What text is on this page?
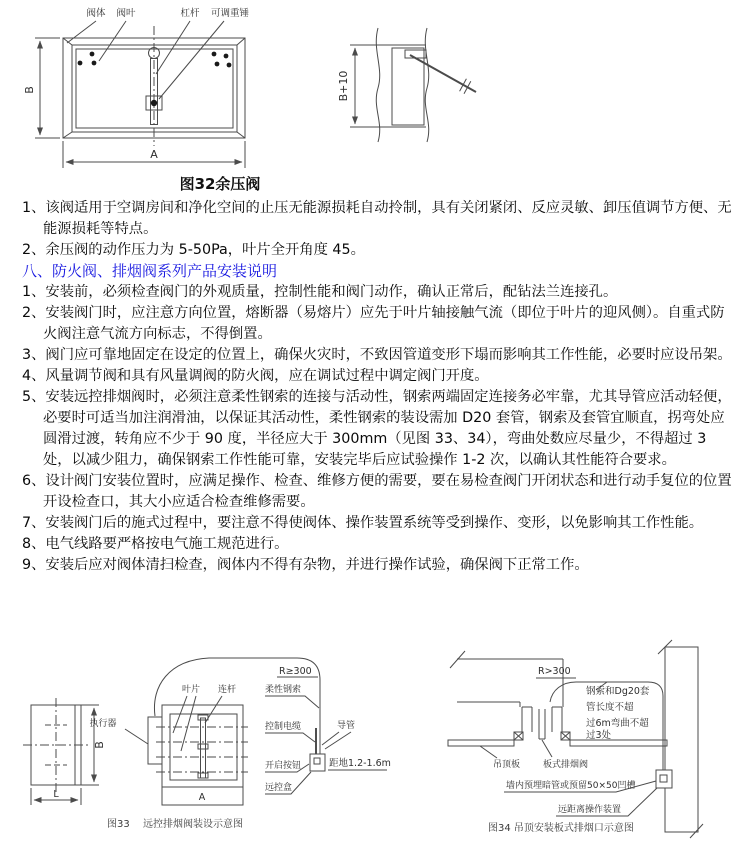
阀体 阀叶	杠杆 可调重锤
B
A
B+10
图32余压阀
1、该阀适用于空调房间和净化空间的止压无能源损耗自动拎制，具有关闭紧闭、反应灵敏、卸压值调节方便、无能源损耗等特点。
2、余压阀的动作压力为 5-50Pa，叶片全开角度 45。
八、防火阀、排烟阀系列产品安装说明
1、安装前，必须检查阀门的外观质量，控制性能和阀门动作，确认正常后，配钻法兰连接孔。
2、安装阀门时，应注意方向位置，熔断器（易熔片）应先于叶片轴接触气流（即位于叶片的迎风侧）。自重式防火阀注意气流方向标志，不得倒置。
3、阀门应可靠地固定在设定的位置上，确保火灾时，不致因管道变形下塌而影响其工作性能，必要时应设吊架。
4、风量调节阀和具有风量调阀的防火阀，应在调试过程中调定阀门开度。
5、安装远控排烟阀时，必须注意柔性钢索的连接与活动性，钢索两端固定连接务必牢靠，尤其导管应活动轻便，必要时可适当加注润滑油，以保证其活动性，柔性钢索的装设需加 D20 套管，钢索及套管宜顺直，拐弯处应圆滑过渡，转角应不少于 90 度，半径应大于 300mm（见图 33、34），弯曲处数应尽量少，不得超过 3 处，以减少阻力，确保钢索工作性能可靠，安装完毕后应试验操作 1-2 次，以确认其性能符合要求。
6、设计阀门安装位置时，应满足操作、检查、维修方便的需要，要在易检查阀门开闭状态和进行动手复位的位置开设检查口，其大小应适合检查维修需要。
7、安装阀门后的施式过程中，要注意不得使阀体、操作装置系统等受到操作、变形，以免影响其工作性能。
8、电气线路要严格按电气施工规范进行。
9、安装后应对阀体清扫检查，阀体内不得有杂物，并进行操作试验，确保阀下正常工作。
执行器
叶片 连杆
R≥300
柔性钢索
控制电缆	导管
开启按钮	距地1.2-1.6m
远控盒
B
L	A
图33 远控排烟阀装设示意图
R>300
钢索和Dg20套
管长度不超
过6m弯曲不超
过3处
吊顶板	板式排烟阀
墙内预埋暗管或预留50×50凹槽
远距离操作装置
图34 吊顶安装板式排烟口示意图
